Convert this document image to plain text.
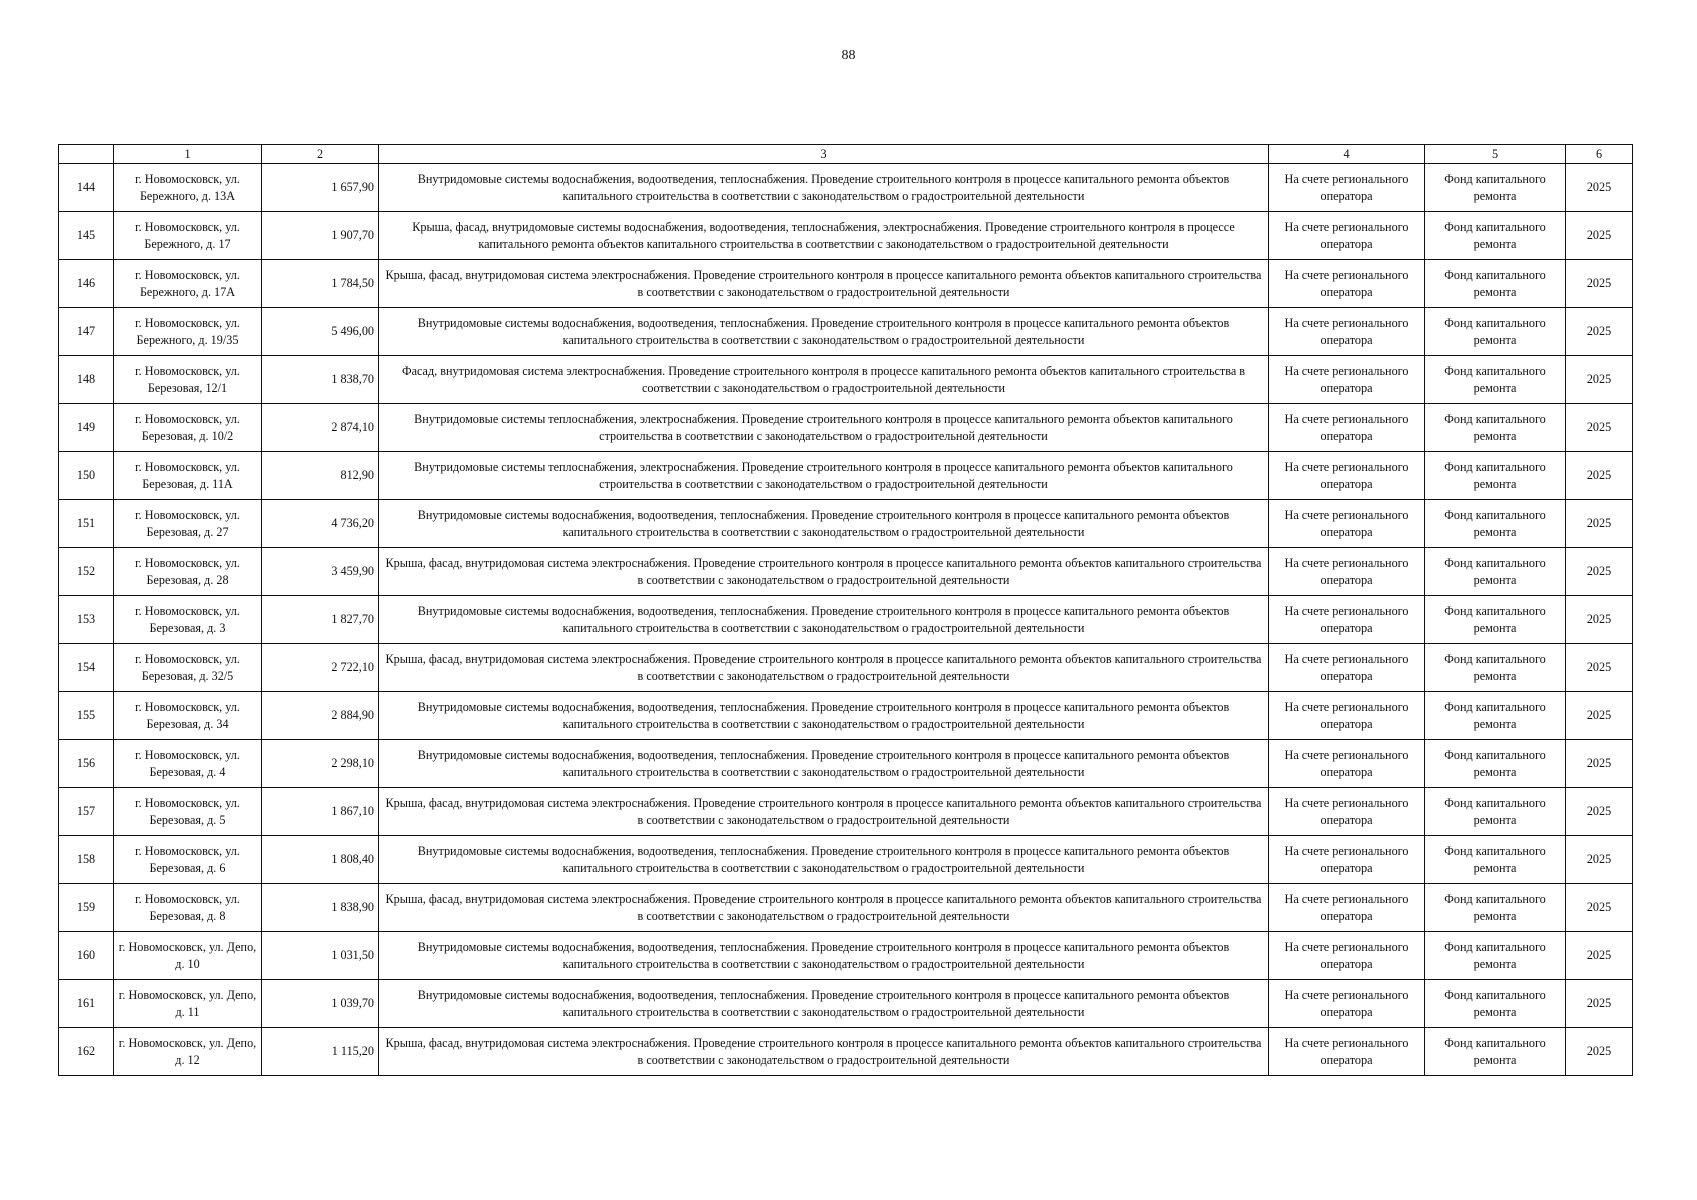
88
	1	2	3	4	5	6
144	г. Новомосковск, ул. Бережного, д. 13А	1 657,90	Внутридомовые системы водоснабжения, водоотведения, теплоснабжения. Проведение строительного контроля в процессе капитального ремонта объектов капитального строительства в соответствии с законодательством о градостроительной деятельности	На счете регионального оператора	Фонд капитального ремонта	2025
145	г. Новомосковск, ул. Бережного, д. 17	1 907,70	Крыша, фасад, внутридомовые системы водоснабжения, водоотведения, теплоснабжения, электроснабжения. Проведение строительного контроля в процессе капитального ремонта объектов капитального строительства в соответствии с законодательством о градостроительной деятельности	На счете регионального оператора	Фонд капитального ремонта	2025
146	г. Новомосковск, ул. Бережного, д. 17А	1 784,50	Крыша, фасад, внутридомовая система электроснабжения. Проведение строительного контроля в процессе капитального ремонта объектов капитального строительства в соответствии с законодательством о градостроительной деятельности	На счете регионального оператора	Фонд капитального ремонта	2025
147	г. Новомосковск, ул. Бережного, д. 19/35	5 496,00	Внутридомовые системы водоснабжения, водоотведения, теплоснабжения. Проведение строительного контроля в процессе капитального ремонта объектов капитального строительства в соответствии с законодательством о градостроительной деятельности	На счете регионального оператора	Фонд капитального ремонта	2025
148	г. Новомосковск, ул. Березовая, 12/1	1 838,70	Фасад, внутридомовая система электроснабжения. Проведение строительного контроля в процессе капитального ремонта объектов капитального строительства в соответствии с законодательством о градостроительной деятельности	На счете регионального оператора	Фонд капитального ремонта	2025
149	г. Новомосковск, ул. Березовая, д. 10/2	2 874,10	Внутридомовые системы теплоснабжения, электроснабжения. Проведение строительного контроля в процессе капитального ремонта объектов капитального строительства в соответствии с законодательством о градостроительной деятельности	На счете регионального оператора	Фонд капитального ремонта	2025
150	г. Новомосковск, ул. Березовая, д. 11А	812,90	Внутридомовые системы теплоснабжения, электроснабжения. Проведение строительного контроля в процессе капитального ремонта объектов капитального строительства в соответствии с законодательством о градостроительной деятельности	На счете регионального оператора	Фонд капитального ремонта	2025
151	г. Новомосковск, ул. Березовая, д. 27	4 736,20	Внутридомовые системы водоснабжения, водоотведения, теплоснабжения. Проведение строительного контроля в процессе капитального ремонта объектов капитального строительства в соответствии с законодательством о градостроительной деятельности	На счете регионального оператора	Фонд капитального ремонта	2025
152	г. Новомосковск, ул. Березовая, д. 28	3 459,90	Крыша, фасад, внутридомовая система электроснабжения. Проведение строительного контроля в процессе капитального ремонта объектов капитального строительства в соответствии с законодательством о градостроительной деятельности	На счете регионального оператора	Фонд капитального ремонта	2025
153	г. Новомосковск, ул. Березовая, д. 3	1 827,70	Внутридомовые системы водоснабжения, водоотведения, теплоснабжения. Проведение строительного контроля в процессе капитального ремонта объектов капитального строительства в соответствии с законодательством о градостроительной деятельности	На счете регионального оператора	Фонд капитального ремонта	2025
154	г. Новомосковск, ул. Березовая, д. 32/5	2 722,10	Крыша, фасад, внутридомовая система электроснабжения. Проведение строительного контроля в процессе капитального ремонта объектов капитального строительства в соответствии с законодательством о градостроительной деятельности	На счете регионального оператора	Фонд капитального ремонта	2025
155	г. Новомосковск, ул. Березовая, д. 34	2 884,90	Внутридомовые системы водоснабжения, водоотведения, теплоснабжения. Проведение строительного контроля в процессе капитального ремонта объектов капитального строительства в соответствии с законодательством о градостроительной деятельности	На счете регионального оператора	Фонд капитального ремонта	2025
156	г. Новомосковск, ул. Березовая, д. 4	2 298,10	Внутридомовые системы водоснабжения, водоотведения, теплоснабжения. Проведение строительного контроля в процессе капитального ремонта объектов капитального строительства в соответствии с законодательством о градостроительной деятельности	На счете регионального оператора	Фонд капитального ремонта	2025
157	г. Новомосковск, ул. Березовая, д. 5	1 867,10	Крыша, фасад, внутридомовая система электроснабжения. Проведение строительного контроля в процессе капитального ремонта объектов капитального строительства в соответствии с законодательством о градостроительной деятельности	На счете регионального оператора	Фонд капитального ремонта	2025
158	г. Новомосковск, ул. Березовая, д. 6	1 808,40	Внутридомовые системы водоснабжения, водоотведения, теплоснабжения. Проведение строительного контроля в процессе капитального ремонта объектов капитального строительства в соответствии с законодательством о градостроительной деятельности	На счете регионального оператора	Фонд капитального ремонта	2025
159	г. Новомосковск, ул. Березовая, д. 8	1 838,90	Крыша, фасад, внутридомовая система электроснабжения. Проведение строительного контроля в процессе капитального ремонта объектов капитального строительства в соответствии с законодательством о градостроительной деятельности	На счете регионального оператора	Фонд капитального ремонта	2025
160	г. Новомосковск, ул. Депо, д. 10	1 031,50	Внутридомовые системы водоснабжения, водоотведения, теплоснабжения. Проведение строительного контроля в процессе капитального ремонта объектов капитального строительства в соответствии с законодательством о градостроительной деятельности	На счете регионального оператора	Фонд капитального ремонта	2025
161	г. Новомосковск, ул. Депо, д. 11	1 039,70	Внутридомовые системы водоснабжения, водоотведения, теплоснабжения. Проведение строительного контроля в процессе капитального ремонта объектов капитального строительства в соответствии с законодательством о градостроительной деятельности	На счете регионального оператора	Фонд капитального ремонта	2025
162	г. Новомосковск, ул. Депо, д. 12	1 115,20	Крыша, фасад, внутридомовая система электроснабжения. Проведение строительного контроля в процессе капитального ремонта объектов капитального строительства в соответствии с законодательством о градостроительной деятельности	На счете регионального оператора	Фонд капитального ремонта	2025
